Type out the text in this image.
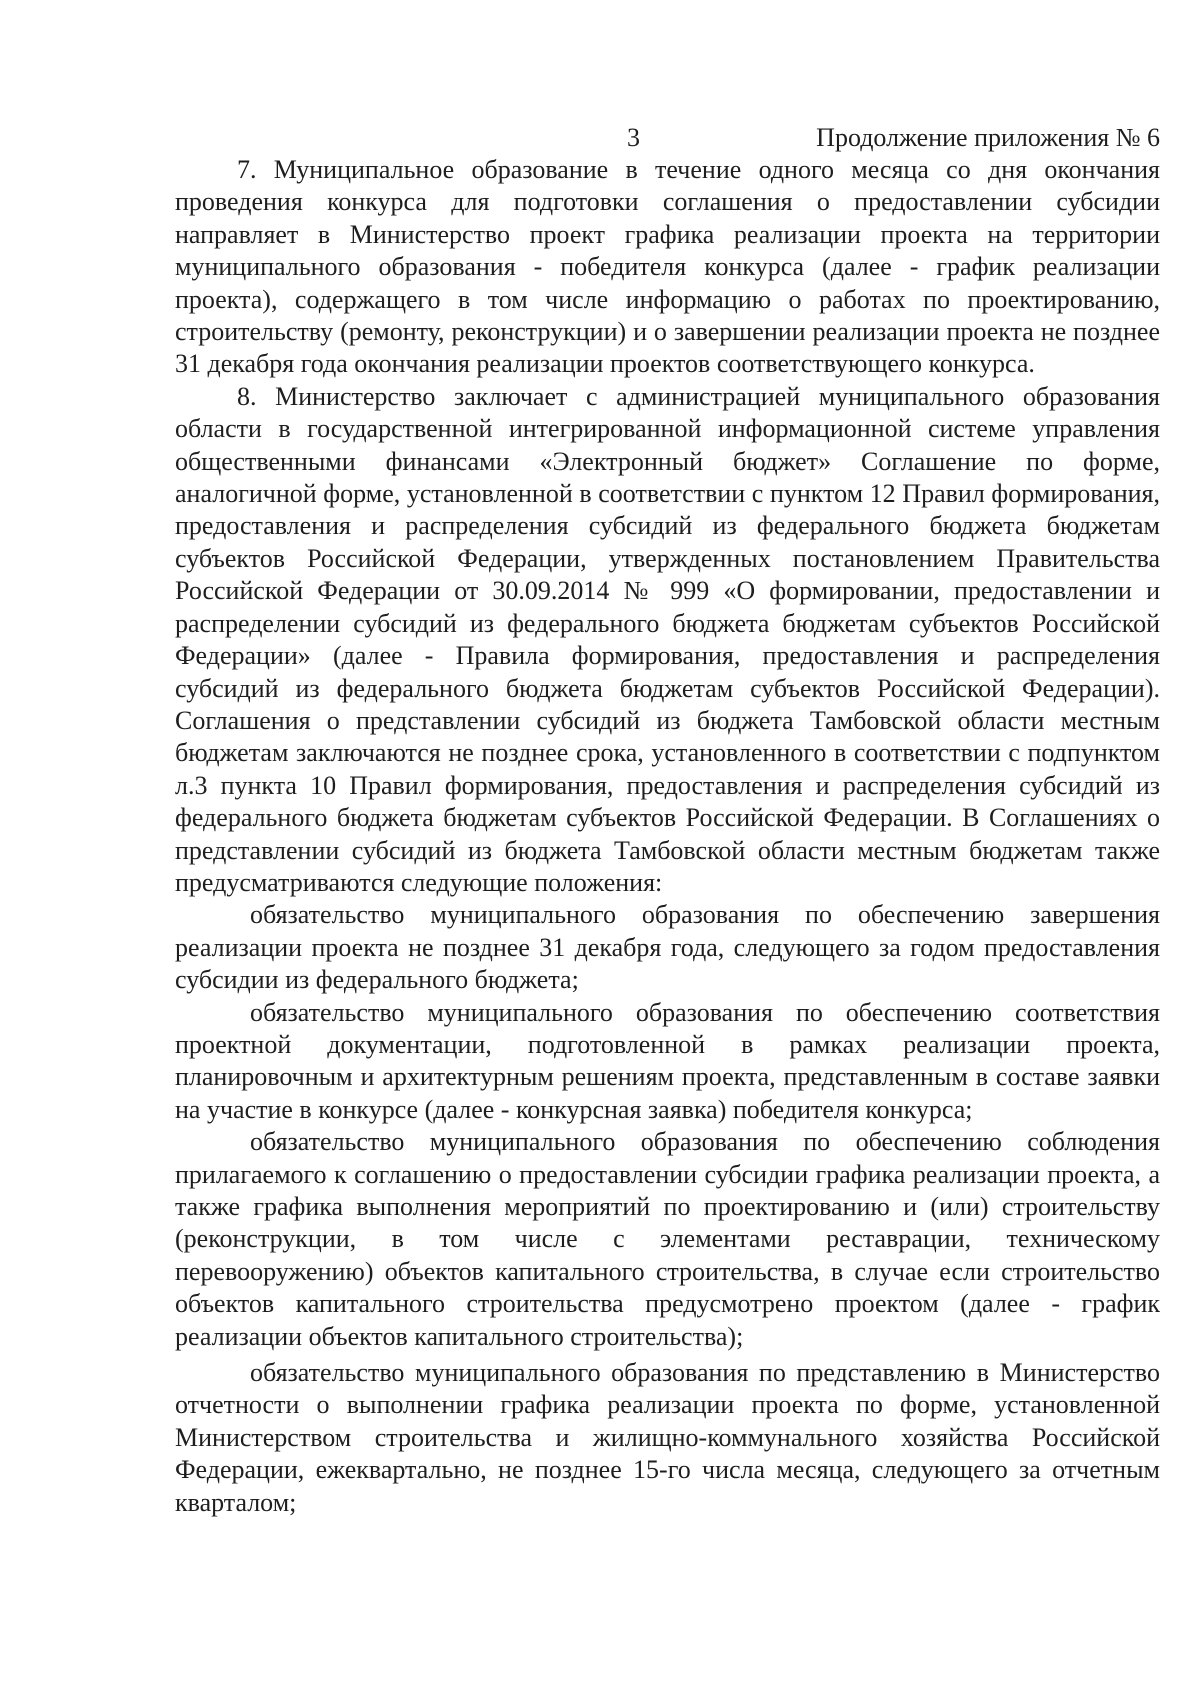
3	Продолжение приложения № 6

7. Муниципальное образование в течение одного месяца со дня окончания проведения конкурса для подготовки соглашения о предоставлении субсидии направляет в Министерство проект графика реализации проекта на территории муниципального образования - победителя конкурса (далее - график реализации проекта), содержащего в том числе информацию о работах по проектированию, строительству (ремонту, реконструкции) и о завершении реализации проекта не позднее 31 декабря года окончания реализации проектов соответствующего конкурса.

8. Министерство заключает с администрацией муниципального образования области в государственной интегрированной информационной системе управления общественными финансами «Электронный бюджет» Соглашение по форме, аналогичной форме, установленной в соответствии с пунктом 12 Правил формирования, предоставления и распределения субсидий из федерального бюджета бюджетам субъектов Российской Федерации, утвержденных постановлением Правительства Российской Федерации от 30.09.2014 № 999 «О формировании, предоставлении и распределении субсидий из федерального бюджета бюджетам субъектов Российской Федерации» (далее - Правила формирования, предоставления и распределения субсидий из федерального бюджета бюджетам субъектов Российской Федерации). Соглашения о представлении субсидий из бюджета Тамбовской области местным бюджетам заключаются не позднее срока, установленного в соответствии с подпунктом л.3 пункта 10 Правил формирования, предоставления и распределения субсидий из федерального бюджета бюджетам субъектов Российской Федерации. В Соглашениях о представлении субсидий из бюджета Тамбовской области местным бюджетам также предусматриваются следующие положения:

обязательство муниципального образования по обеспечению завершения реализации проекта не позднее 31 декабря года, следующего за годом предоставления субсидии из федерального бюджета;

обязательство муниципального образования по обеспечению соответствия проектной документации, подготовленной в рамках реализации проекта, планировочным и архитектурным решениям проекта, представленным в составе заявки на участие в конкурсе (далее - конкурсная заявка) победителя конкурса;

обязательство муниципального образования по обеспечению соблюдения прилагаемого к соглашению о предоставлении субсидии графика реализации проекта, а также графика выполнения мероприятий по проектированию и (или) строительству (реконструкции, в том числе с элементами реставрации, техническому перевооружению) объектов капитального строительства, в случае если строительство объектов капитального строительства предусмотрено проектом (далее - график реализации объектов капитального строительства);

обязательство муниципального образования по представлению в Министерство отчетности о выполнении графика реализации проекта по форме, установленной Министерством строительства и жилищно-коммунального хозяйства Российской Федерации, ежеквартально, не позднее 15-го числа месяца, следующего за отчетным кварталом;
